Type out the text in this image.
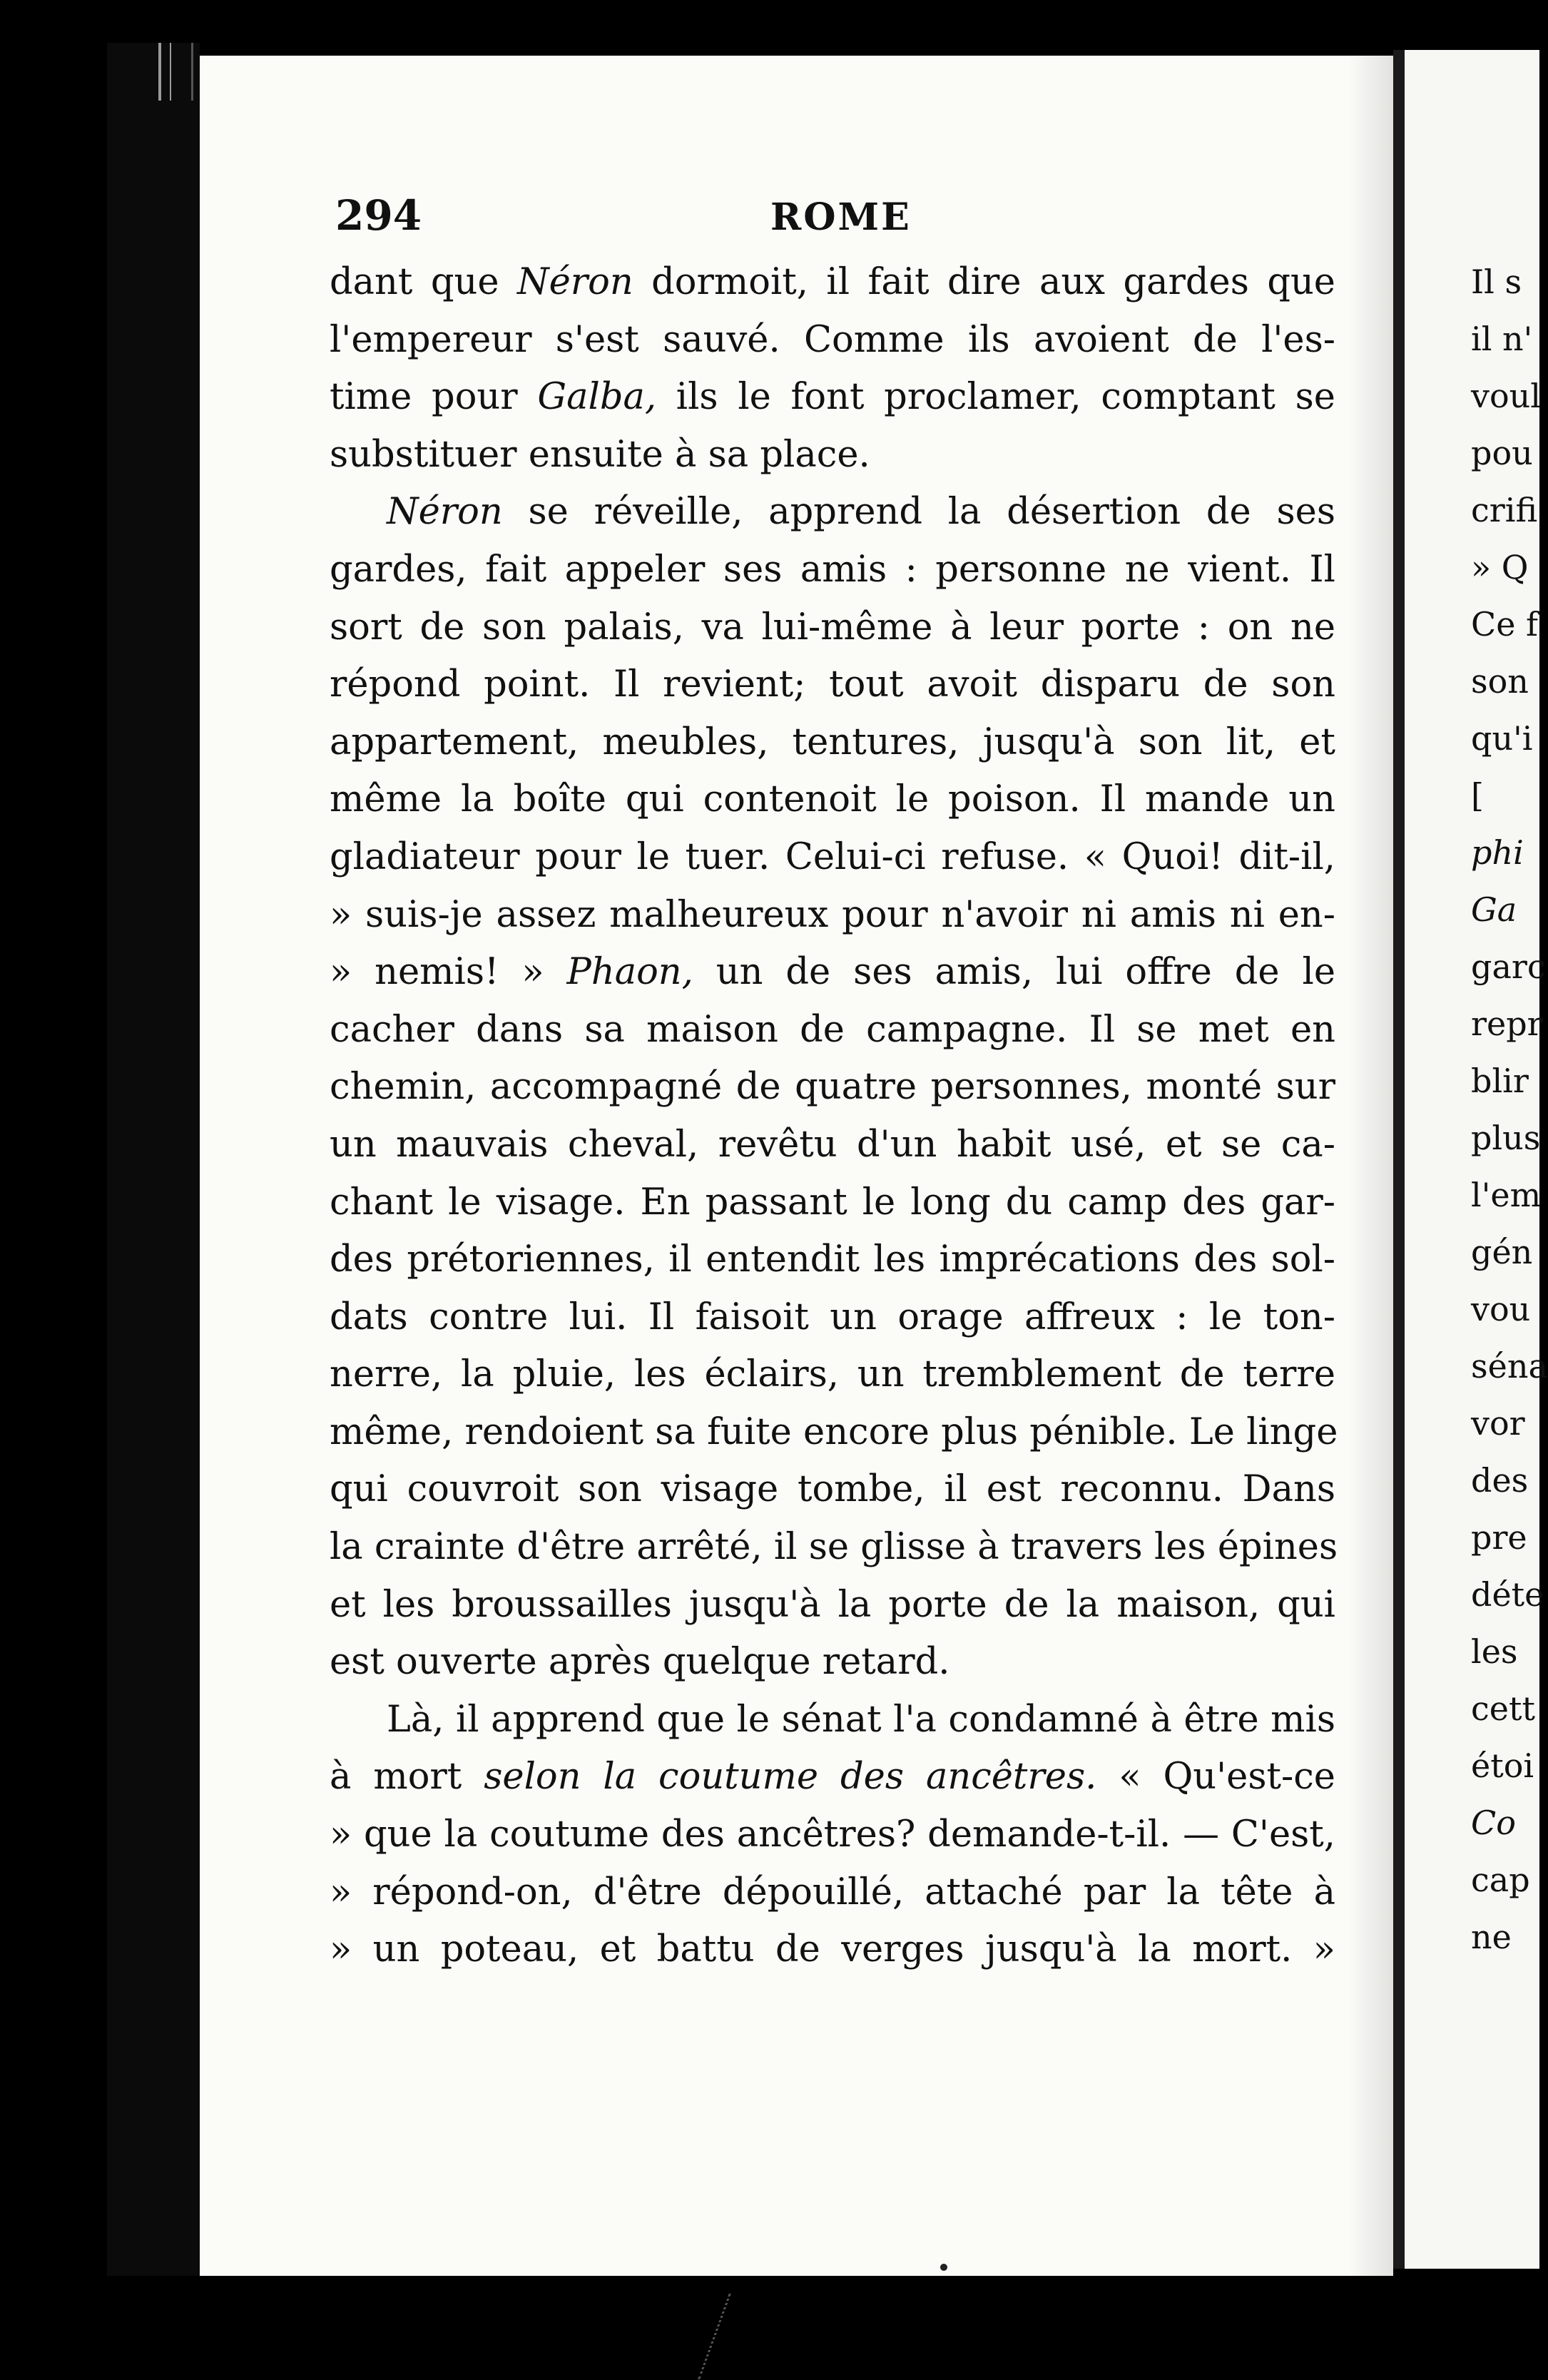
294	ROME
dant que Néron dormoit, il fait dire aux gardes que
l'empereur s'est sauvé. Comme ils avoient de l'es-
time pour Galba, ils le font proclamer, comptant se
substituer ensuite à sa place.
Néron se réveille, apprend la désertion de ses
gardes, fait appeler ses amis : personne ne vient. Il
sort de son palais, va lui-même à leur porte : on ne
répond point. Il revient; tout avoit disparu de son
appartement, meubles, tentures, jusqu'à son lit, et
même la boîte qui contenoit le poison. Il mande un
gladiateur pour le tuer. Celui-ci refuse. « Quoi! dit-il,
» suis-je assez malheureux pour n'avoir ni amis ni en-
» nemis! » Phaon, un de ses amis, lui offre de le
cacher dans sa maison de campagne. Il se met en
chemin, accompagné de quatre personnes, monté sur
un mauvais cheval, revêtu d'un habit usé, et se ca-
chant le visage. En passant le long du camp des gar-
des prétoriennes, il entendit les imprécations des sol-
dats contre lui. Il faisoit un orage affreux : le ton-
nerre, la pluie, les éclairs, un tremblement de terre
même, rendoient sa fuite encore plus pénible. Le linge
qui couvroit son visage tombe, il est reconnu. Dans
la crainte d'être arrêté, il se glisse à travers les épines
et les broussailles jusqu'à la porte de la maison, qui
est ouverte après quelque retard.
Là, il apprend que le sénat l'a condamné à être mis
à mort selon la coutume des ancêtres. « Qu'est-ce
» que la coutume des ancêtres? demande-t-il. — C'est,
» répond-on, d'être dépouillé, attaché par la tête à
» un poteau, et battu de verges jusqu'à la mort. »
Il s
il n'
voul
pou
crifi
» Q
Ce f
son
qu'i
[
phi
Ga
garc
repr
blir
plus
l'em
gén
vou
séna
vor
des
pre
déte
les
cett
étoi
Co
cap
ne
